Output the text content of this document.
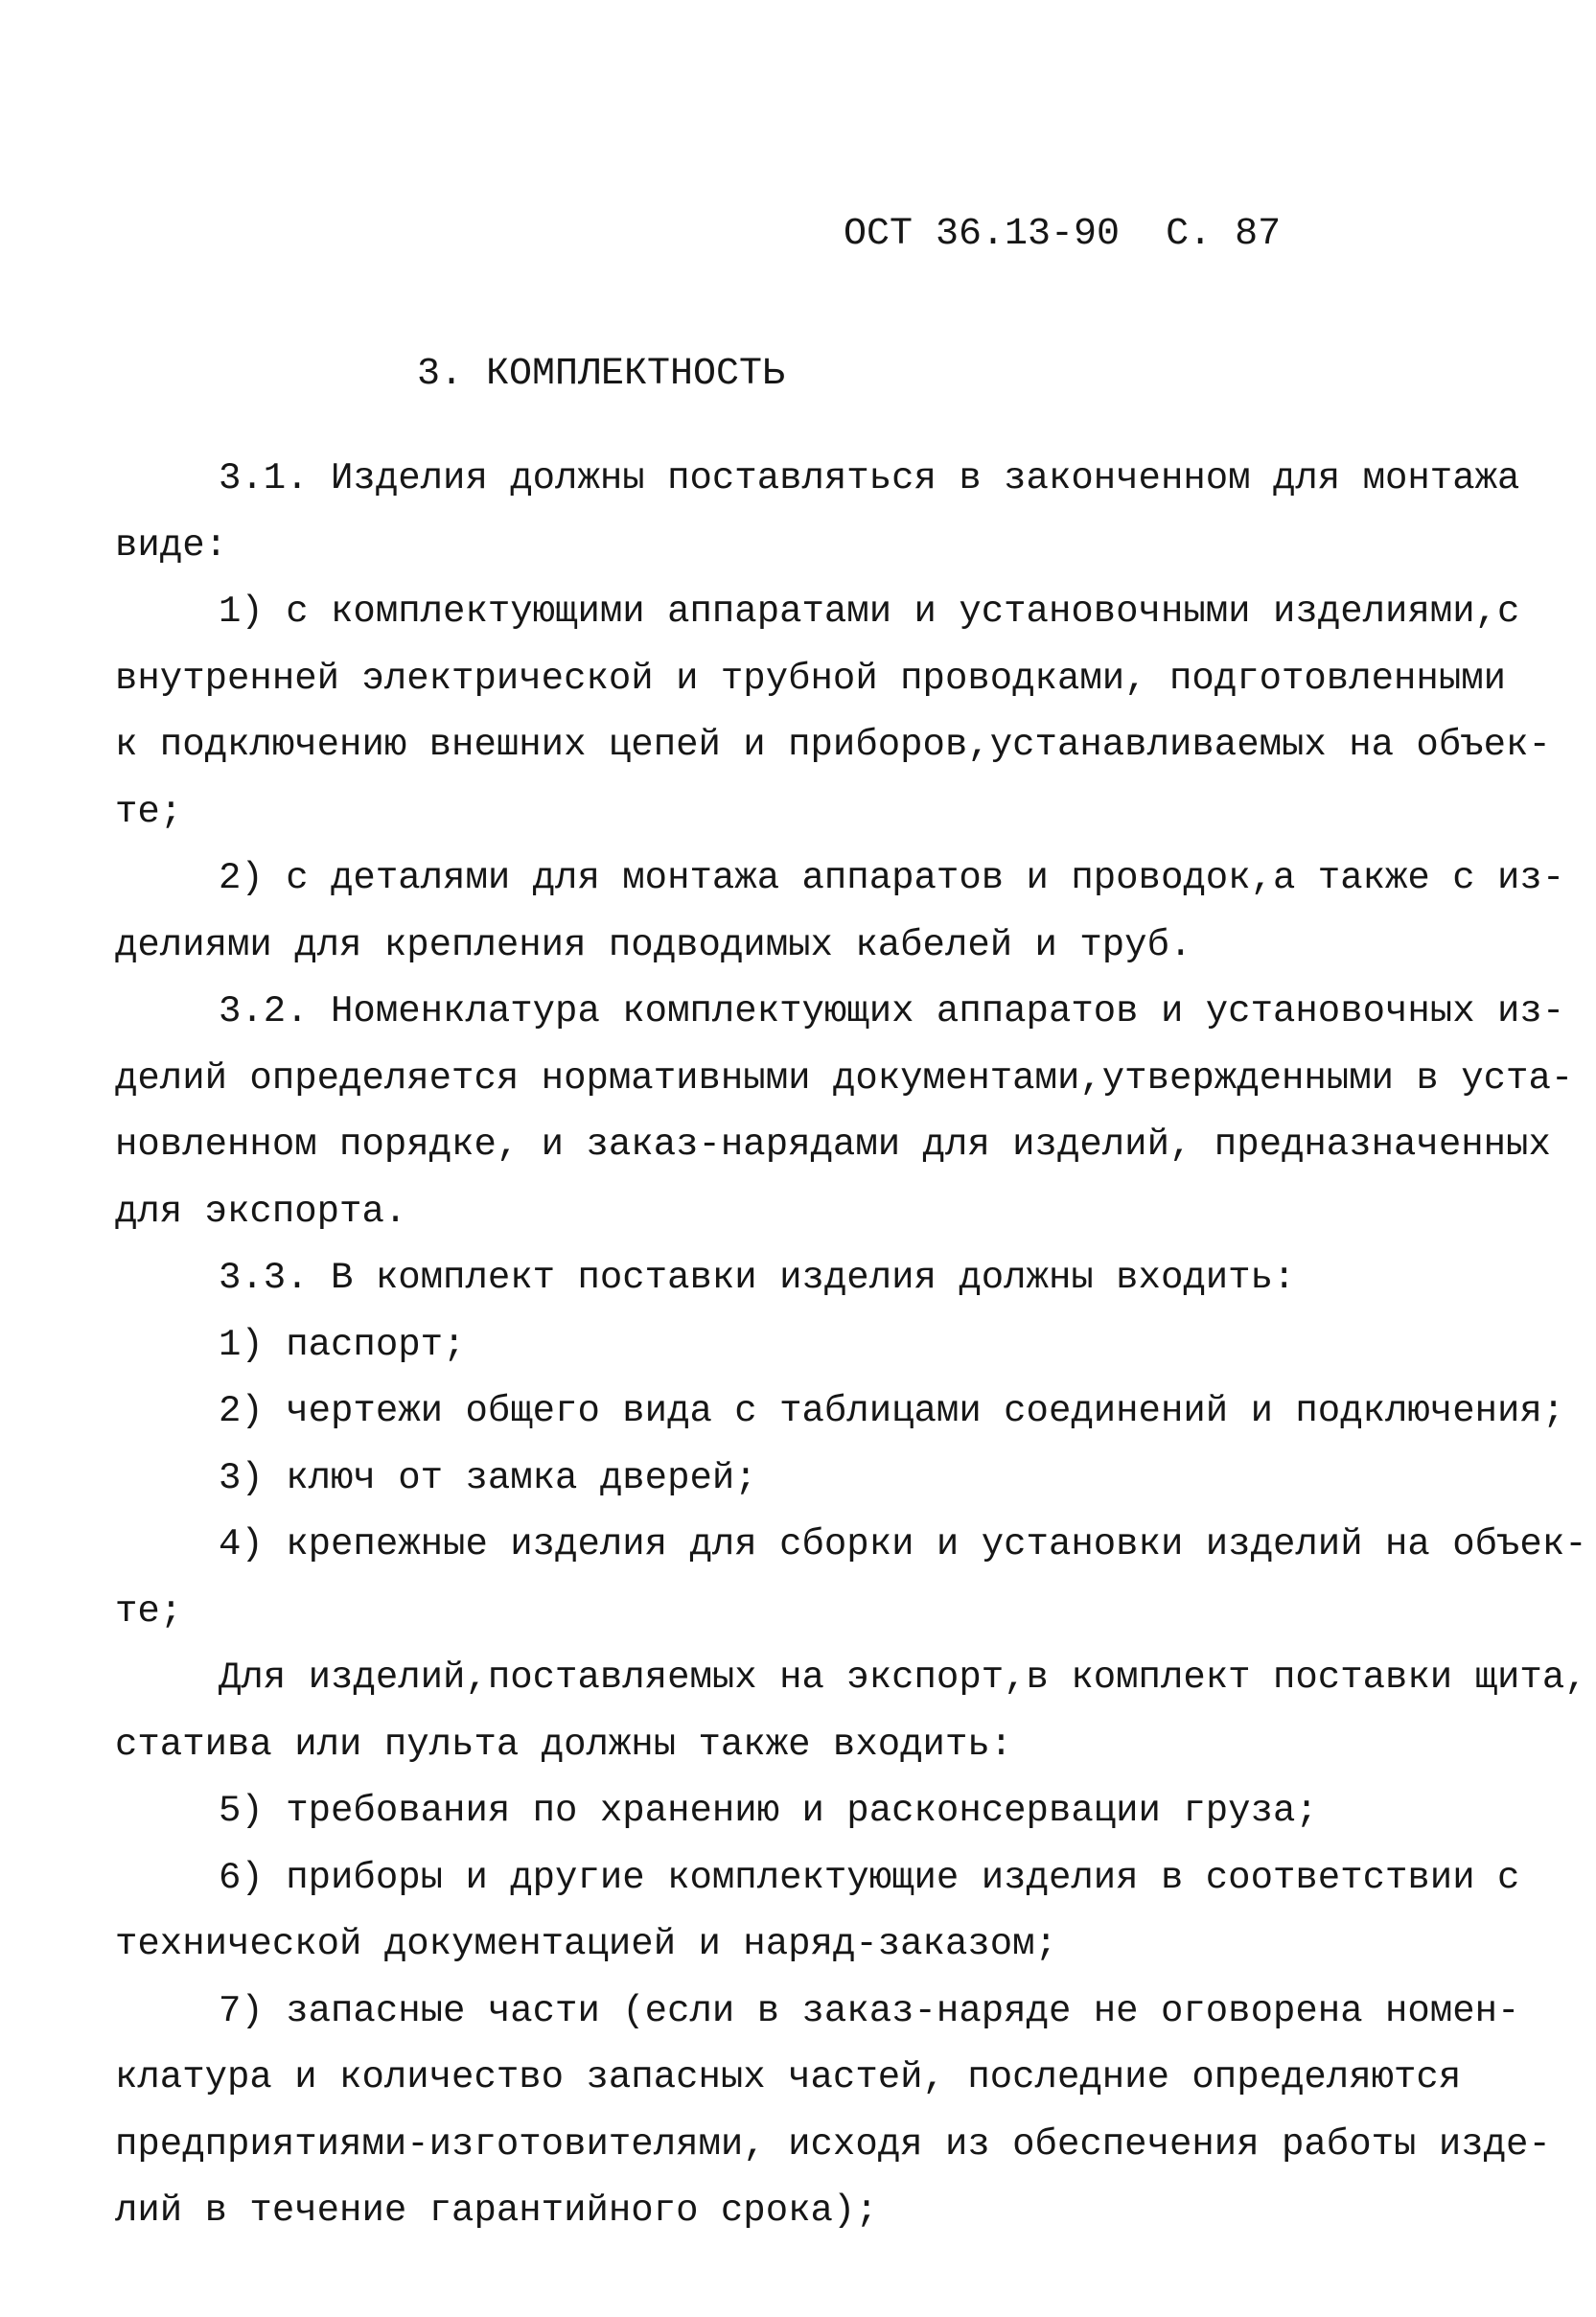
ОСТ 36.13-90 С. 87
3. КОМПЛЕКТНОСТЬ
3.1. Изделия должны поставляться в законченном для монтажа
виде:
1) с комплектующими аппаратами и установочными изделиями,с
внутренней электрической и трубной проводками, подготовленными
к подключению внешних цепей и приборов,устанавливаемых на объек-
те;
2) с деталями для монтажа аппаратов и проводок,а также с из-
делиями для крепления подводимых кабелей и труб.
3.2. Номенклатура комплектующих аппаратов и установочных из-
делий определяется нормативными документами,утвержденными в уста-
новленном порядке, и заказ-нарядами для изделий, предназначенных
для экспорта.
3.3. В комплект поставки изделия должны входить:
1) паспорт;
2) чертежи общего вида с таблицами соединений и подключения;
3) ключ от замка дверей;
4) крепежные изделия для сборки и установки изделий на объек-
те;
Для изделий,поставляемых на экспорт,в комплект поставки щита,
статива или пульта должны также входить:
5) требования по хранению и расконсервации груза;
6) приборы и другие комплектующие изделия в соответствии с
технической документацией и наряд-заказом;
7) запасные части (если в заказ-наряде не оговорена номен-
клатура и количество запасных частей, последние определяются
предприятиями-изготовителями, исходя из обеспечения работы изде-
лий в течение гарантийного срока);
